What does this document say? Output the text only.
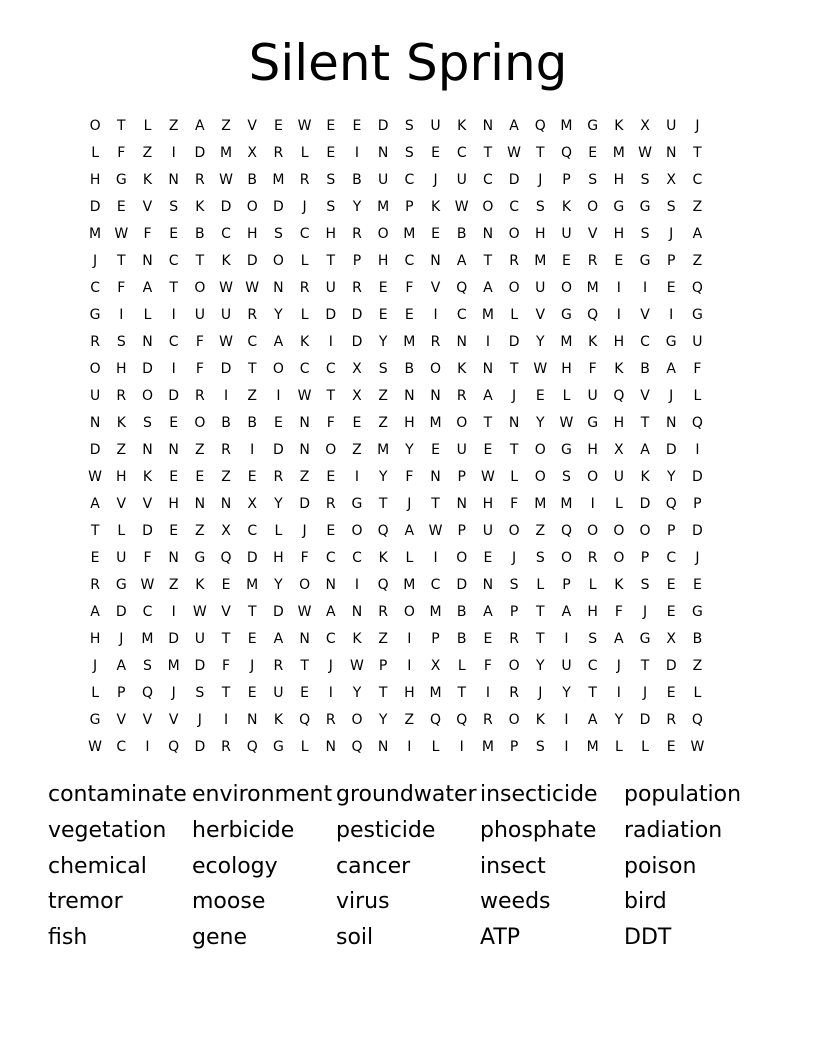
Silent Spring
O	T	L	Z	A	Z	V	E	W	E	E	D	S	U	K	N	A	Q	M	G	K	X	U	J
L	F	Z	I	D	M	X	R	L	E	I	N	S	E	C	T	W	T	Q	E	M W	N	T
H	G	K	N	R	W	B	M	R	S	B	U	C	J	U	C	D	J	P	S	H	S	X	C
D	E	V	S	K	D	O	D	J	S	Y	M	P	K	W O	C	S	K	O	G	G	S	Z
M W	F	E	B	C	H	S	C	H	R	O	M	E	B	N	O	H	U	V	H	S	J	A
J	T	N	C	T	K	D	O	L	T	P	H	C	N	A	T	R	M	E	R	E	G	P	Z
C	F	A	T	O W W	N	R	U	R	E	F	V	Q	A	O	U	O	M	I	I	E	Q
G	I	L	I	U	U	R	Y	L	D	D	E	E	I	C	M	L	V	G	Q	I	V	I	G
R	S	N	C	F	W	C	A	K	I	D	Y	M	R	N	I	D	Y	M	K	H	C	G	U
O	H	D	I	F	D	T	O	C	C	X	S	B	O	K	N	T	W	H	F	K	B	A	F
U	R	O	D	R	I	Z	I	W	T	X	Z	N	N	R	A	J	E	L	U	Q	V	J	L
N	K	S	E	O	B	B	E	N	F	E	Z	H	M	O	T	N	Y	W G	H	T	N	Q
D	Z	N	N	Z	R	I	D	N	O	Z	M	Y	E	U	E	T	O	G	H	X	A	D	I
W	H	K	E	E	Z	E	R	Z	E	I	Y	F	N	P	W	L	O	S	O	U	K	Y	D
A	V	V	H	N	N	X	Y	D	R	G	T	J	T	N	H	F	M	M	I	L	D	Q	P
T	L	D	E	Z	X	C	L	J	E	O	Q	A	W	P	U	O	Z	Q	O	O	O	P	D
E	U	F	N	G	Q	D	H	F	C	C	K	L	I	O	E	J	S	O	R	O	P	C	J
R	G W	Z	K	E	M	Y	O	N	I	Q	M	C	D	N	S	L	P	L	K	S	E	E
A	D	C	I	W	V	T	D W	A	N	R	O	M	B	A	P	T	A	H	F	J	E	G
H	J	M	D	U	T	E	A	N	C	K	Z	I	P	B	E	R	T	I	S	A	G	X	B
J	A	S	M	D	F	J	R	T	J	W	P	I	X	L	F	O	Y	U	C	J	T	D	Z
L	P	Q	J	S	T	E	U	E	I	Y	T	H	M	T	I	R	J	Y	T	I	J	E	L
G	V	V	V	J	I	N	K	Q	R	O	Y	Z	Q	Q	R	O	K	I	A	Y	D	R	Q
W	C	I	Q	D	R	Q	G	L	N	Q	N	I	L	I	M	P	S	I	M	L	L	E	W
contaminate environment groundwater insecticide	population
vegetation	herbicide	pesticide	phosphate	radiation
chemical	ecology	cancer	insect	poison
tremor	moose	virus	weeds	bird
fish	gene	soil	ATP	DDT
